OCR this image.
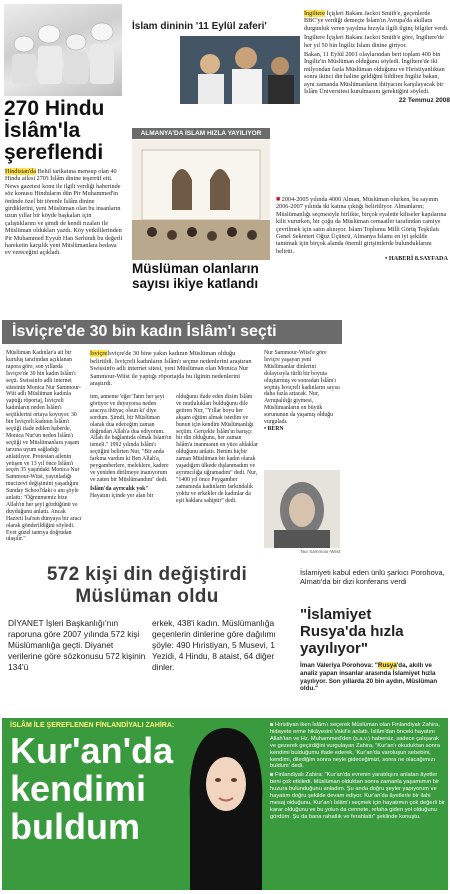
270 Hindu
İslâm'la
şereflendi
Hindistan'da Behil tarikatına mensup olan 40 Hindu ailesi 270'i İslâm dinine teşerrüf etti. News gazetesi konu ile ilgili verdiği haberinde söz konusu Hinduların dün Pir Muhammed'in önünde özel bir törenle İslâm dinine girdiklerini, yeni Müslüman olan bu insanların uzun yıllar bir köyde başkaları için çalıştıklarını ve şimdi de kendi rızaları ile Müslüman oldukları yazdı. Köy yetkililerinden Pir Muhammed Eyyub Han Serhindi bu değerli hareketin karşılık yeni Müslümanlara bedava ev vereceğini açıkladı.
İslam dininin '11 Eylül zaferi'

İngiltere İçişleri Bakanı Jackoi Smith'e, geçenlerde BBC'ye verdiği demeçte İslam'ın Avrupa'da akıllara durgunluk veren yayılma hızıyla ilgili ilginç bilgiler verdi.

İngiltere İçişleri Bakanı Jackoi Smith'e göre, İngiltere'de her yıl 50 bin İngiliz İslam dinine giriyor.

Bakan, 11 Eylül 2001 olaylarından beri toplam 400 bin İngiliz'in Müslüman olduğunu söyledi. İngiltere'de iki milyondan fazla Müslüman olduğunu ve Hıristiyanlıktan sonra ikinci din haline geldiğini bildiren İngiliz bakan, aynı zamanda Müslümanların ihtiyacını karşılayacak bir İslâm Üniversitesi kurulmasını gerektiğini söyledi.

22 Temmuz 2008
ALMANYA'DA İSLAM HIZLA YAYILIYOR
Müslüman olanların
sayısı ikiye katlandı
■ 2004-2005 yılında 4000 Alman, Müslüman olurken, bu sayının 2006-2007 yılında iki katına çıktığı belirtiliyor. Almanların; Müslümanlığı seçmesiyle birlikte, birçok eyalette kiliseler kapılarına kilit vururken, bir çoğu da Müslüman cemaatler tarafından camiye çevrilmek için satın alınıyor. İslam Toplumu Milli Görüş Teşkilatı Genel Sekreteri Oğuz Üçüncü, Almanya İslamı en iyi şekilde tanıtmak için birçok alanda önemli girişimlerde bulunduklarını belirtti.
• HABERİ 8.SAYFADA
İsviçre'de 30 bin kadın İslâm'ı seçti
Müslüman Kadınlar'a ait bir kuruluş tarafından açıklanan rapora göre, son yıllarda İsviçre'de 30 bin kadın İslâm'ı seçti. Swissinfo adlı internet sitesinin Monica Nur Sammour-Wiit adlı Müslüman kadınla yaptığı röportaj, İsviçreli kadınların neden İslâm'ı seçtiklerini ortaya koyuyor. 30 bin İsviçreli kadının İslâm'ı seçtiği ifade edilen haberde, Monica Nur'un neden İslâm'ı seçtiği ve Müslümanlara yaşam tarzına uyum sağladığı anlatılıyor. Protestan ailenin yetişen ve 13 yıl önce İslâm'ı seçen 35 yaşındaki Monica Nur Sammour-Wiist, yayınladığı mucizevi değişimini yaşadığını Sunday School'daki o anı şöyle anlattı: "Öğrenmemiz bize Allah'ın her şeyi gördüğünü ve duyduğunu anlattı. Ancak Hazreti İsa'nın dünyaya bir aracı olarak gönderildiğini söyledi. Evet güzel tanrıya doğrudan ulaşılır."

İsviçreİsviçre'de 30 bine yakın kadının Müslüman olduğu belirtildi. İsviçreli kadınların İslâm'ı seçme nedenlerini araştıran Swissinfo adlı internet sitesi, yeni Müslüman olan Monica Nur Sammour-Wiist ile yaptığı röportajda bu ilginin nedenlerini araştırdı.

tım, anneme 'eğer Tanrı her şeyi görüyor ve duyuyorsa neden aracıya ihtiyaç olsun ki' diye sordum. Şimdi, bir Müslüman olarak dua edeceğim zaman doğrudan Allah'a dua ediyorum. Allah ile bağlantıda olmak İslam'ın temeli." 1992 yılında İslâm'ı seçtiğini belirten Nur, "Bir anda farkına vardım ki Ben Allah'a, peygamberlere, meleklere, kadere ve yeniden dirilmeye inanıyorum ve zaten bir Müslümandım" dedi.
İslâm'da ayrıcalık yok"
Hayatını içinde yer alan bir
olduğunu ifade eden dizim İslâm ve mutlulukları bulduğunu dile getiren Nur, "Yıllar boyu her akşam eğitim almak istedim ve bunun için kendim Müslümanlığı seçtim. Gerçekte İslâm'ın barışçı bir din olduğunu, her zaman İslâm'a inanmanın en yüce ahlaklar olduğunu anlattı. Benim hiçbir zaman Müslüman bir kadın olarak yaşadığım ülkede dışlanmadım ve ayrımcılığa uğramadım" dedi. Nur, "1400 yıl önce Peygamber zamanında kadınların farkındalık yoktu ve erkekler de kadınlar da eşit haklara sahiptir" dedi.
Nur Sammour-Wiist'e göre İsviçre yaşayan yeni Müslümanlar dinlerini dolayısıyla türlü bir boyuta oluşturmuş ve sonradan İslâm'ı seçmiş İsviçreli kadınların sayısı daha fazla artacak. Nur, Avrupalılığı giymesi, Müslümanların en büyük sorununun da yaşamış olduğu vurguladı.
• BERN
Nur Sammour-Wiist
572 kişi din değiştirdi
Müslüman oldu
DİYANET İşleri Başkanlığı'nın raporuna göre 2007 yılında 572 kişi Müslümanlığa geçti. Diyanet verilerine göre sözkonusu 572 kişinin 134'ü
erkek, 438'i kadın. Müslümanlığa geçenlerin dinlerine göre dağılımı şöyle: 490 Hıristiyan, 5 Musevi, 1 Yezidi, 4 Hindu, 8 ataist, 64 diğer dinler.
İslamiyeti kabul eden ünlü şarkıcı Porohova, Almatı'da bir dizi konferans verdi
"İslamiyet
Rusya'da hızla
yayılıyor"
İman Valeriya Porohova: "Rusya'da, akıllı ve analiz yapan insanlar arasında İslamiyet hızla yayılıyor. Son yıllarda 20 bin aydın, Müslüman oldu."
İSLÂM İLE ŞEREFLENEN FİNLANDİYALI ZAHİRA:
Kur'an'da
kendimi
buldum

■ Hıristiyan iken İslâm'ı seçerek Müslüman olan Finlandiyalı Zahira, hidayete erme hikâyesini Vakit'e anlattı. İslâm'dan önceki hayatını Allah'tan ve Hz. Muhammed'den (s.a.v.) habersiz, sadece çalışarak ve gezerek geçirdiğini vurgulayan Zahira, "Kur'an'ı okuduktan sonra kendimi bulduğumu ifade ederek, 'Kur'an'da varoluşun sebebini, kendimi, dilediğim sonra neyle gideceğimizi, sonra ne olacağımızı buldum' dedi.

■ Finlandiyalı Zahira: "Kur'an'da evrenin yaratılışını anlatan âyetler beni çok etkiledi. Müslüman olduktan sonra zamanla yaşamımın bir huzura bulunduğunu anladım. Şu anda doğru şeyler yapıyorum ve hayatım doğru şekilde devam ediyor. Kur'an'da âyetlerle bir ilahi mesaj olduğunu, Kur'an'ı İslâm'ı seçmek için hayatımın çok değerli bir karar olduğunu ve bu yolun da cennete, refaha giden yol olduğunu gördüm. Şu da bana rahatlık ve ferahlattı" şeklinde konuştu.
